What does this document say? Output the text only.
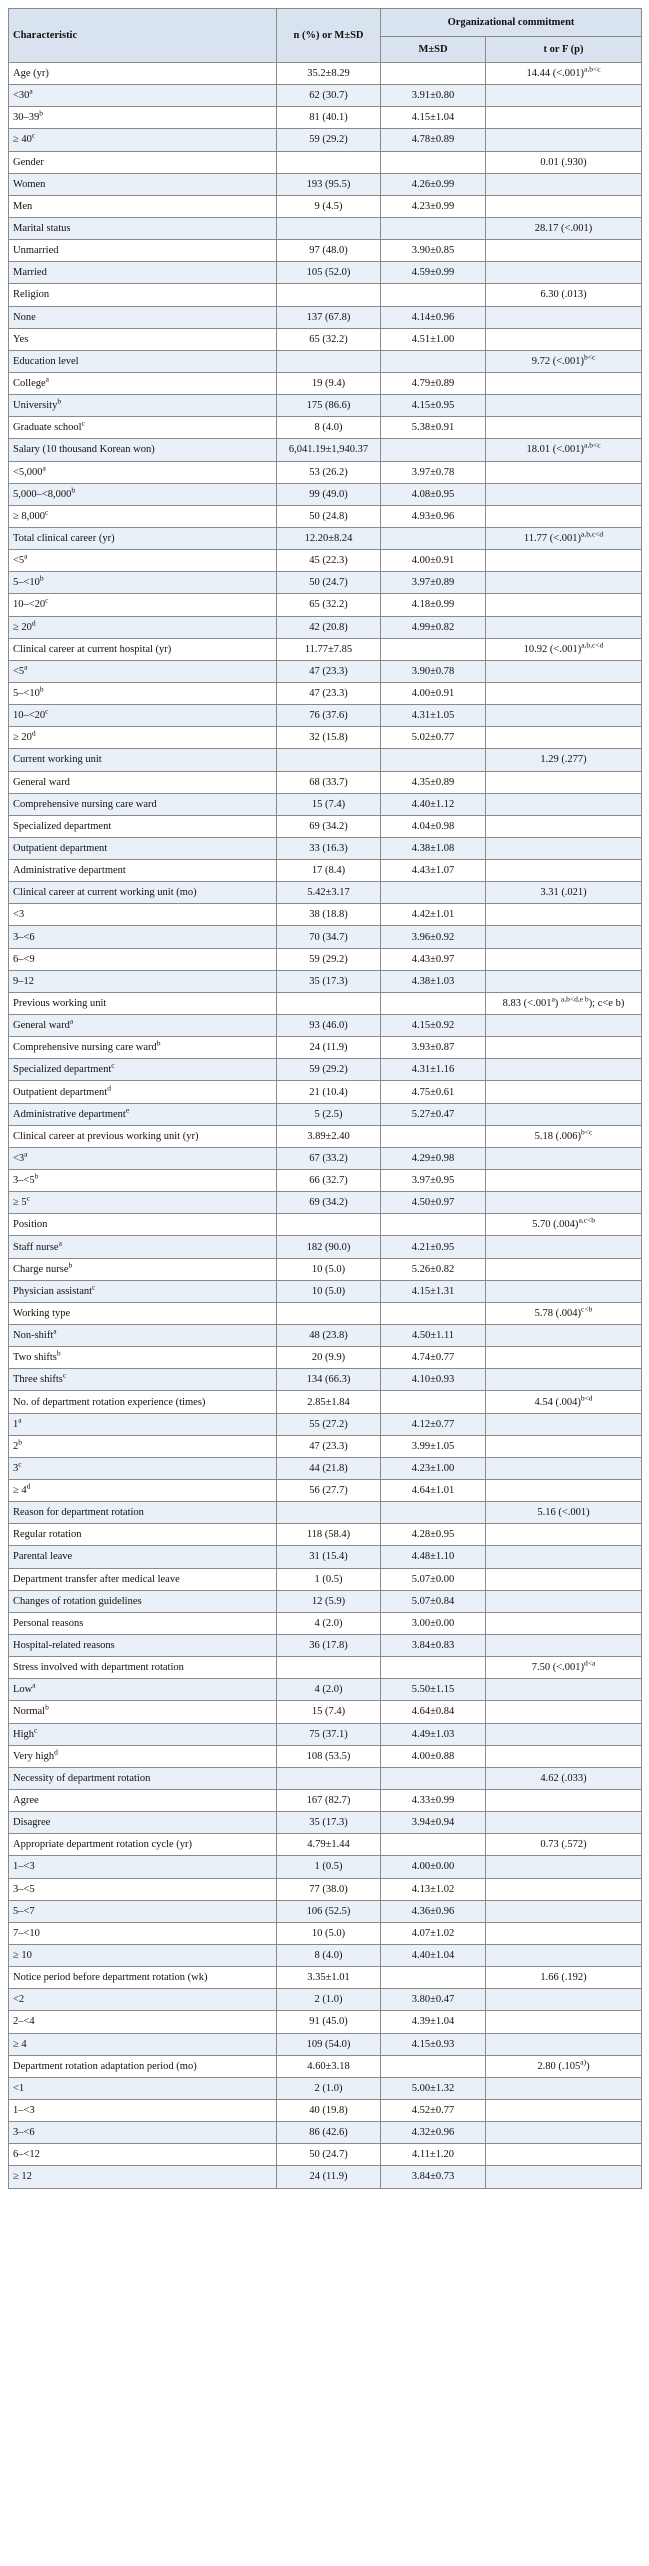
Characteristic	n (%) or M±SD	Organizational commitment	
		M±SD	t or F (p)
Age (yr)	35.2±8.29		14.44 (<.001)$^{a,b<c}$
$<30^a$	62 (30.7)	3.91±0.80	
30–39$^b$	81 (40.1)	4.15±1.04	
≥ $40^c$	59 (29.2)	4.78±0.89	
Gender			0.01 (.930)
Women	193 (95.5)	4.26±0.99	
Men	9 (4.5)	4.23±0.99	
Marital status			28.17 (<.001)
Unmarried	97 (48.0)	3.90±0.85	
Married	105 (52.0)	4.59±0.99	
Religion			6.30 (.013)
None	137 (67.8)	4.14±0.96	
Yes	65 (32.2)	4.51±1.00	
Education level			9.72 (<.001)$^{b<c}$
College$^a$	19 (9.4)	4.79±0.89	
University$^b$	175 (86.6)	4.15±0.95	
Graduate school$^c$	8 (4.0)	5.38±0.91	
Salary (10 thousand Korean won)	6,041.19±1,940.37		18.01 (<.001)$^{a,b<c}$
<5,000$^a$	53 (26.2)	3.97±0.78	
5,000–<8,000$^b$	99 (49.0)	4.08±0.95	
≥ 8,000$^c$	50 (24.8)	4.93±0.96	
Total clinical career (yr)	12.20±8.24		11.77 (<.001)$^{a,b,c<d}$
$<5^a$	45 (22.3)	4.00±0.91	
$5-<10^b$	50 (24.7)	3.97±0.89	
$10-<20^c$	65 (32.2)	4.18±0.99	
≥ $20^d$	42 (20.8)	4.99±0.82	
Clinical career at current hospital (yr)	11.77±7.85		10.92 (<.001)$^{a,b,c<d}$
$<5^a$	47 (23.3)	3.90±0.78	
$5-<10^b$	47 (23.3)	4.00±0.91	
$10-<20^c$	76 (37.6)	4.31±1.05	
≥ $20^d$	32 (15.8)	5.02±0.77	
Current working unit			1.29 (.277)
General ward	68 (33.7)	4.35±0.89	
Comprehensive nursing care ward	15 (7.4)	4.40±1.12	
Specialized department	69 (34.2)	4.04±0.98	
Outpatient department	33 (16.3)	4.38±1.08	
Administrative department	17 (8.4)	4.43±1.07	
Clinical career at current working unit (mo)	5.42±3.17		3.31 (.021)
<3	38 (18.8)	4.42±1.01	
3–<6	70 (34.7)	3.96±0.92	
6–<9	59 (29.2)	4.43±0.97	
9–12	35 (17.3)	4.38±1.03	
Previous working unit			8.83 (<.001$^a$) $^{a,b<d,e b}$); c<e b)
General ward$^a$	93 (46.0)	4.15±0.92	
Comprehensive nursing care ward$^b$	24 (11.9)	3.93±0.87	
Specialized department$^c$	59 (29.2)	4.31±1.16	
Outpatient department$^d$	21 (10.4)	4.75±0.61	
Administrative department$^e$	5 (2.5)	5.27±0.47	
Clinical career at previous working unit (yr)	3.89±2.40		5.18 $(.006)^{b<c}$
$<3^a$	67 (33.2)	4.29±0.98	
$3-<5^b$	66 (32.7)	3.97±0.95	
≥ $5^c$	69 (34.2)	4.50±0.97	
Position			5.70 $(.004)^{a,c<b}$
Staff nurse$^a$	182 (90.0)	4.21±0.95	
Charge nurse$^b$	10 (5.0)	5.26±0.82	
Physician assistant$^c$	10 (5.0)	4.15±1.31	
Working type			5.78 $(.004)^{c<b}$
Non-shift$^a$	48 (23.8)	4.50±1.11	
Two shifts$^b$	20 (9.9)	4.74±0.77	
Three shifts$^c$	134 (66.3)	4.10±0.93	
No. of department rotation experience (times)	2.85±1.84		4.54 $(.004)^{b<d}$
1$^a$	55 (27.2)	4.12±0.77	
2$^b$	47 (23.3)	3.99±1.05	
3$^c$	44 (21.8)	4.23±1.00	
≥ $4^d$	56 (27.7)	4.64±1.01	
Reason for department rotation			5.16 (<.001)
Regular rotation	118 (58.4)	4.28±0.95	
Parental leave	31 (15.4)	4.48±1.10	
Department transfer after medical leave	1 (0.5)	5.07±0.00	
Changes of rotation guidelines	12 (5.9)	5.07±0.84	
Personal reasons	4 (2.0)	3.00±0.00	
Hospital-related reasons	36 (17.8)	3.84±0.83	
Stress involved with department rotation			7.50 (<.001)$^{d<a}$
Low$^a$	4 (2.0)	5.50±1.15	
Normal$^b$	15 (7.4)	4.64±0.84	
High$^c$	75 (37.1)	4.49±1.03	
Very high$^d$	108 (53.5)	4.00±0.88	
Necessity of department rotation			4.62 (.033)
Agree	167 (82.7)	4.33±0.99	
Disagree	35 (17.3)	3.94±0.94	
Appropriate department rotation cycle (yr)	4.79±1.44		0.73 (.572)
1–<3	1 (0.5)	4.00±0.00	
3–<5	77 (38.0)	4.13±1.02	
5–<7	106 (52.5)	4.36±0.96	
7–<10	10 (5.0)	4.07±1.02	
≥ 10	8 (4.0)	4.40±1.04	
Notice period before department rotation (wk)	3.35±1.01		1.66 (.192)
<2	2 (1.0)	3.80±0.47	
2–<4	91 (45.0)	4.39±1.04	
≥ 4	109 (54.0)	4.15±0.93	
Department rotation adaptation period (mo)	4.60±3.18		2.80 $(.105^{a)})$
<1	2 (1.0)	5.00±1.32	
1–<3	40 (19.8)	4.52±0.77	
3–<6	86 (42.6)	4.32±0.96	
6–<12	50 (24.7)	4.11±1.20	
≥ 12	24 (11.9)	3.84±0.73	
